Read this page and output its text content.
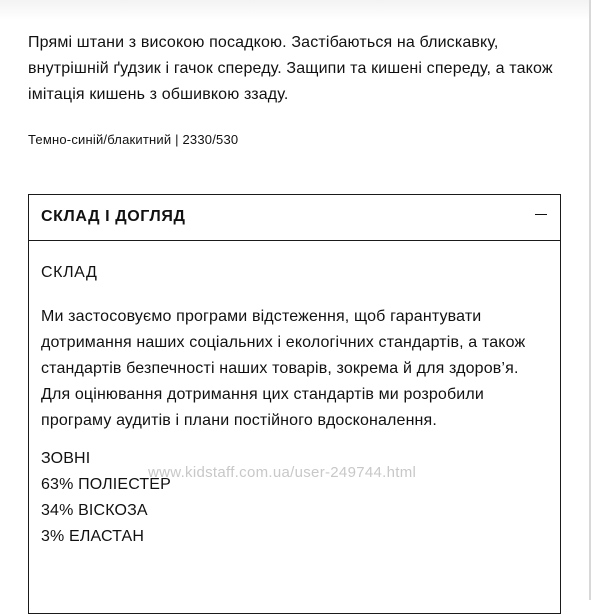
Прямі штани з високою посадкою. Застібаються на блискавку, внутрішній ґудзик і гачок спереду. Защипи та кишені спереду, а також імітація кишень з обшивкою ззаду.

Темно-синій/блакитний | 2330/530

СКЛАД І ДОГЛЯД

СКЛАД

Ми застосовуємо програми відстеження, щоб гарантувати дотримання наших соціальних і екологічних стандартів, а також стандартів безпечності наших товарів, зокрема й для здоров’я. Для оцінювання дотримання цих стандартів ми розробили програму аудитів і плани постійного вдосконалення.

ЗОВНІ
63% ПОЛІЕСТЕР
34% ВІСКОЗА
3% ЕЛАСТАН
www.kidstaff.com.ua/user-249744.html
